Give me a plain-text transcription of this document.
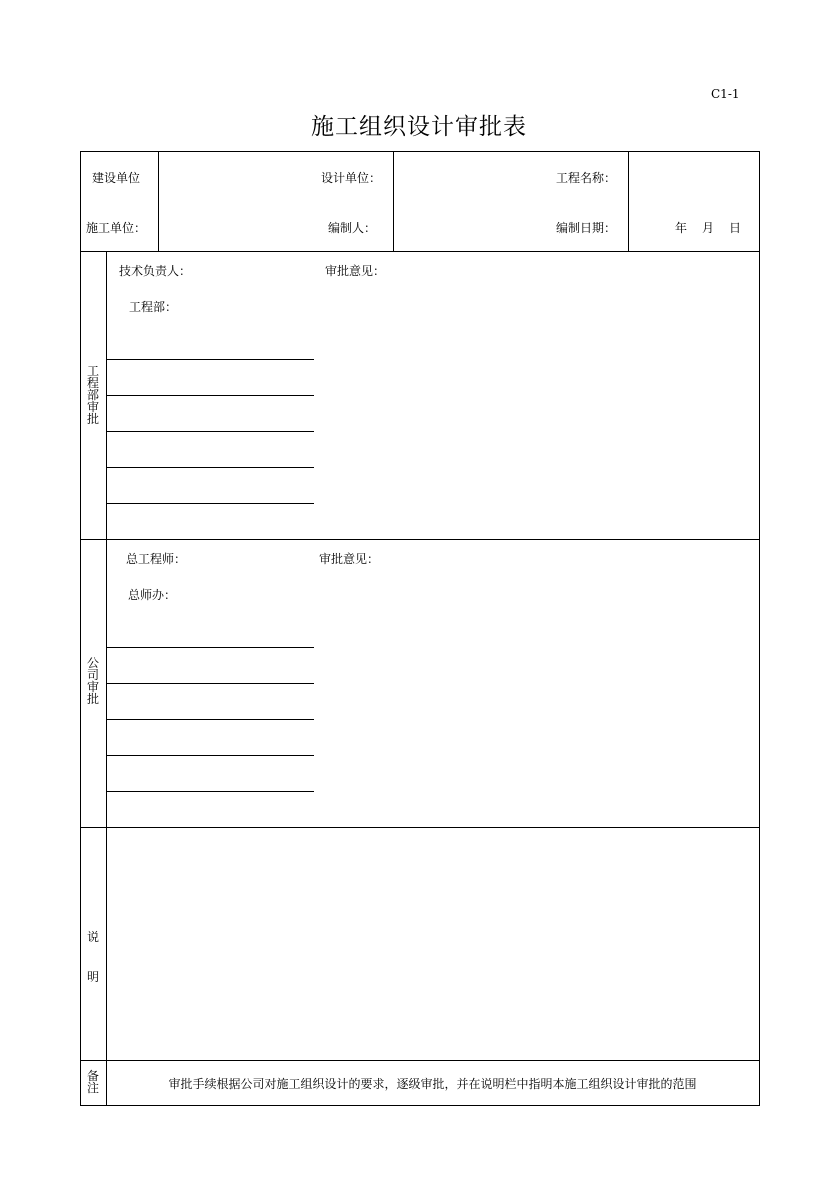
C1-1
施工组织设计审批表
建设单位	设计单位：	工程名称：
施工单位：	编制人：	编制日期：	年 月 日
工
程
部
审
批
技术负责人：	审批意见：
工程部：
公
司
审
批
总工程师：	审批意见：
总师办：
说
明
备
注	审批手续根据公司对施工组织设计的要求，逐级审批，并在说明栏中指明本施工组织设计审批的范围
